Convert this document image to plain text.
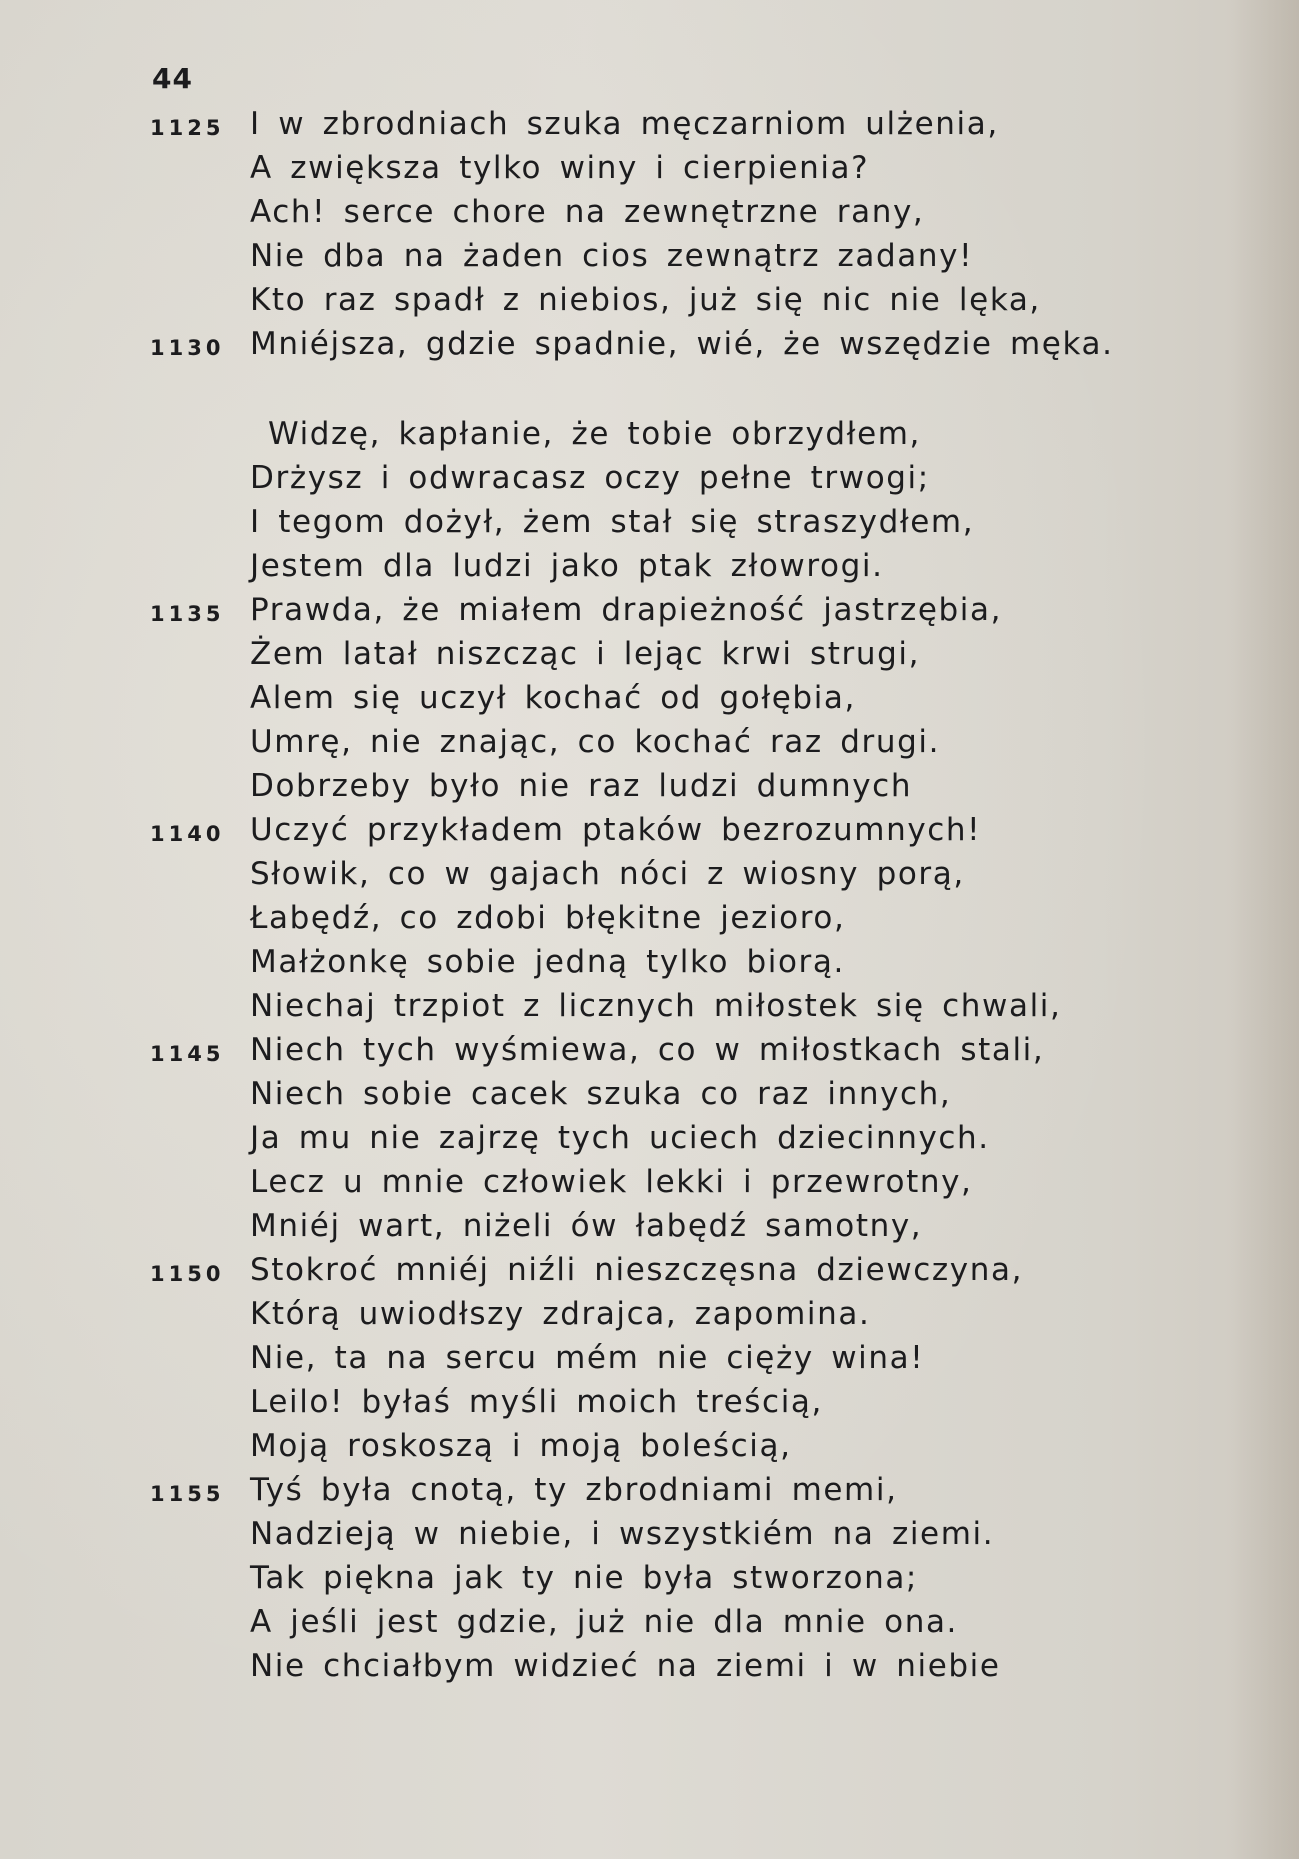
44
1125 I w zbrodniach szuka męczarniom ulżenia,
A zwiększa tylko winy i cierpienia?
Ach! serce chore na zewnętrzne rany,
Nie dba na żaden cios zewnątrz zadany!
Kto raz spadł z niebios, już się nic nie lęka,
1130 Mniéjsza, gdzie spadnie, wié, że wszędzie męka.
Widzę, kapłanie, że tobie obrzydłem,
Drżysz i odwracasz oczy pełne trwogi;
I tegom dożył, żem stał się straszydłem,
Jestem dla ludzi jako ptak złowrogi.
1135 Prawda, że miałem drapieżność jastrzębia,
Żem latał niszcząc i lejąc krwi strugi,
Alem się uczył kochać od gołębia,
Umrę, nie znając, co kochać raz drugi.
Dobrzeby było nie raz ludzi dumnych
1140 Uczyć przykładem ptaków bezrozumnych!
Słowik, co w gajach nóci z wiosny porą,
Łabędź, co zdobi błękitne jezioro,
Małżonkę sobie jedną tylko biorą.
Niechaj trzpiot z licznych miłostek się chwali,
1145 Niech tych wyśmiewa, co w miłostkach stali,
Niech sobie cacek szuka co raz innych,
Ja mu nie zajrzę tych uciech dziecinnych.
Lecz u mnie człowiek lekki i przewrotny,
Mniéj wart, niżeli ów łabędź samotny,
1150 Stokroć mniéj niźli nieszczęsna dziewczyna,
Którą uwiodłszy zdrajca, zapomina.
Nie, ta na sercu mém nie ciężу wina!
Leilo! byłaś myśli moich treścią,
Moją roskoszą i moją boleścią,
1155 Tyś była cnotą, ty zbrodniami memi,
Nadzieją w niebie, i wszystkiém na ziemi.
Tak piękna jak ty nie była stworzona;
A jeśli jest gdzie, już nie dla mnie ona.
Nie chciałbym widzieć na ziemi i w niebie
